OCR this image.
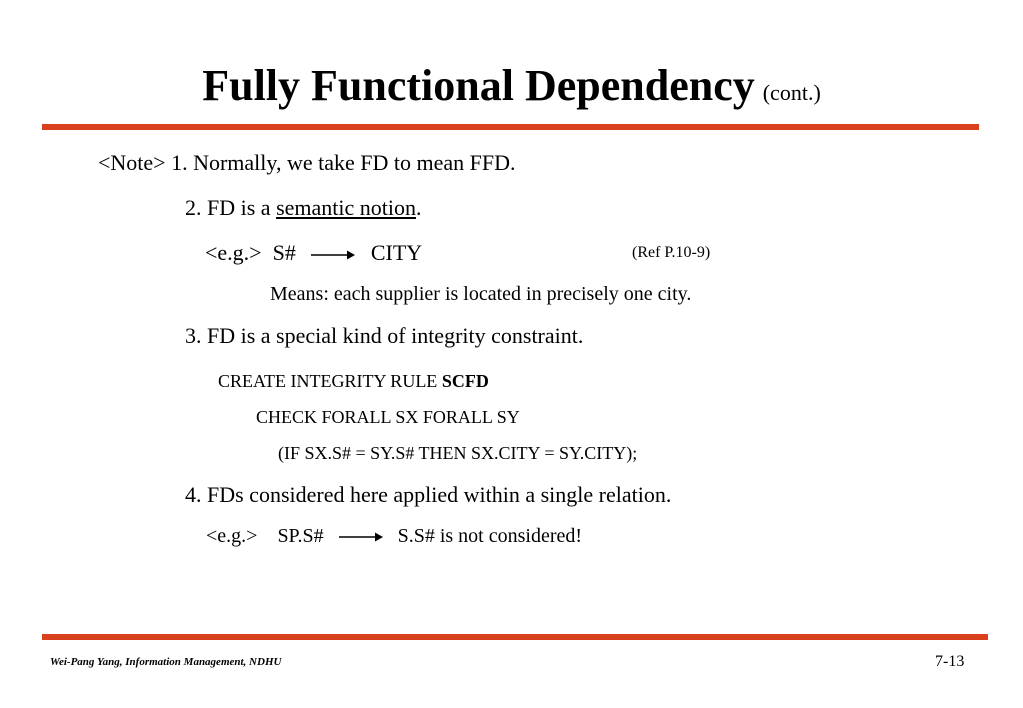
Fully Functional Dependency (cont.)
<Note> 1. Normally, we take FD to mean FFD.
2. FD is a semantic notion.
<e.g.> S#	CITY	(Ref P.10-9)
Means: each supplier is located in precisely one city.
3. FD is a special kind of integrity constraint.
CREATE INTEGRITY RULE SCFD
CHECK FORALL SX FORALL SY
(IF SX.S# = SY.S# THEN SX.CITY = SY.CITY);
4. FDs considered here applied within a single relation.
<e.g.> SP.S#	S.S# is not considered!
Wei-Pang Yang, Information Management, NDHU	7-13
